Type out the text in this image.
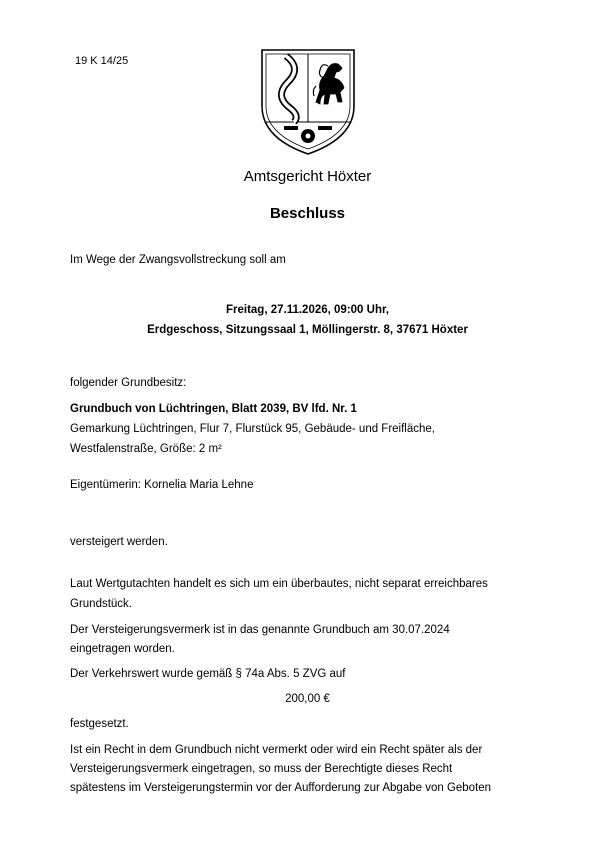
19 K 14/25
Amtsgericht Höxter
Beschluss
Im Wege der Zwangsvollstreckung soll am
Freitag, 27.11.2026, 09:00 Uhr,
Erdgeschoss, Sitzungssaal 1, Möllingerstr. 8, 37671 Höxter
folgender Grundbesitz:
Grundbuch von Lüchtringen, Blatt 2039, BV lfd. Nr. 1
Gemarkung Lüchtringen, Flur 7, Flurstück 95, Gebäude- und Freifläche,
Westfalenstraße, Größe: 2 m²
Eigentümerin: Kornelia Maria Lehne
versteigert werden.
Laut Wertgutachten handelt es sich um ein überbautes, nicht separat erreichbares
Grundstück.
Der Versteigerungsvermerk ist in das genannte Grundbuch am 30.07.2024
eingetragen worden.
Der Verkehrswert wurde gemäß § 74a Abs. 5 ZVG auf
200,00 €
festgesetzt.
Ist ein Recht in dem Grundbuch nicht vermerkt oder wird ein Recht später als der
Versteigerungsvermerk eingetragen, so muss der Berechtigte dieses Recht
spätestens im Versteigerungstermin vor der Aufforderung zur Abgabe von Geboten
